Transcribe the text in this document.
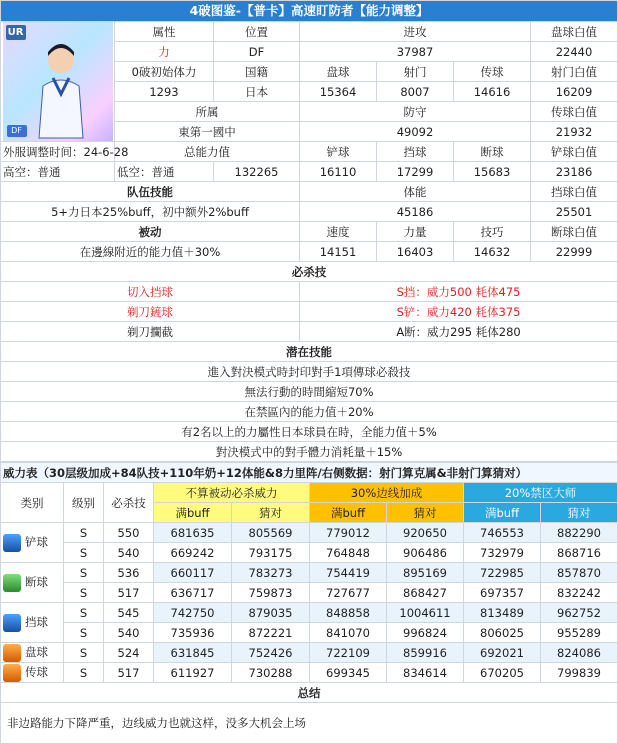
4破图鉴-【普卡】高速盯防者【能力调整】						

UR
DF	属性	位置	进攻			盘球白值
	力	DF	37987			22440
	0破初始体力	国籍	盘球	射门	传球	射门白值
	1293	日本	15364	8007	14616	16209
	所属		防守			传球白值
	東第一國中		49092			21932
外服调整时间：24-6-28	总能力值		铲球	挡球	断球	铲球白值
高空：普通	低空：普通	132265	16110	17299	15683	23186
队伍技能			体能			挡球白值
5+力日本25%buff，初中额外2%buff			45186			25501
被动			速度	力量	技巧	断球白值
在邊線附近的能力值＋30%			14151	16403	14632	22999
必杀技						
切入挡球			S挡：威力500 耗体475			
剃刀鏟球			S铲：威力420 耗体375			
剃刀攔截			A断：威力295 耗体280			
潜在技能						
進入對決模式時封印對手1項傳球必殺技						
無法行動的時間縮短70%						
在禁區內的能力值＋20%						
有2名以上的力屬性日本球員在時，全能力值＋5%						
對決模式中的對手體力消耗量＋15%						
威力表（30层级加成+84队技+110年奶+12体能&8力里阵/右侧数据：射门算克属&非射门算猜对）								
类别	级别	必杀技	不算被动必杀威力		30%边线加成		20%禁区大师	
			满buff	猜对	满buff	猜对	满buff	猜对
铲球	S	550	681635	805569	779012	920650	746553	882290
	S	540	669242	793175	764848	906486	732979	868716
断球	S	536	660117	783273	754419	895169	722985	857870
	S	517	636717	759873	727677	868427	697357	832242
挡球	S	545	742750	879035	848858	1004611	813489	962752
	S	540	735936	872221	841070	996824	806025	955289
盘球	S	524	631845	752426	722109	859916	692021	824086
传球	S	517	611927	730288	699345	834614	670205	799839
总结								
非边路能力下降严重，边线威力也就这样，没多大机会上场								
